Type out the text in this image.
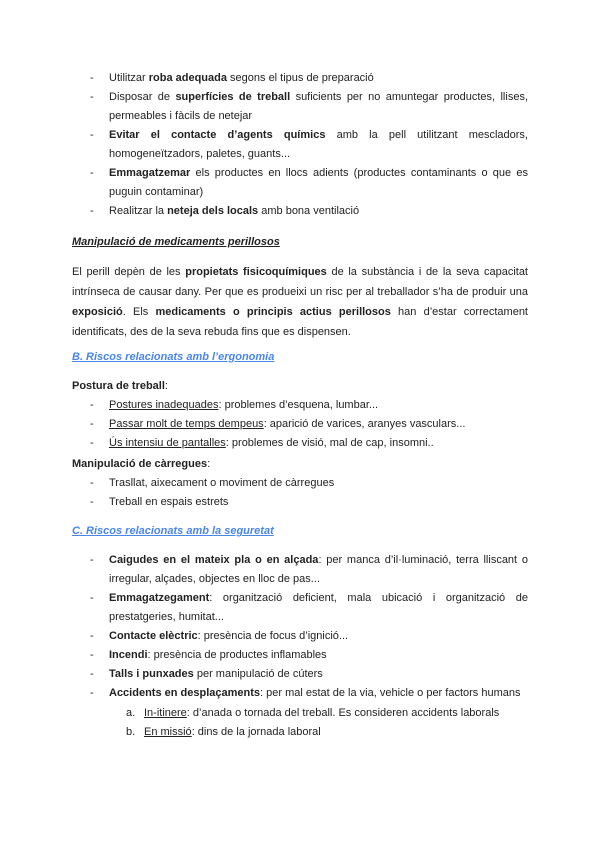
- Utilitzar roba adequada segons el tipus de preparació
- Disposar de superfícies de treball suficients per no amuntegar productes, llises, permeables i fàcils de netejar
- Evitar el contacte d’agents químics amb la pell utilitzant mescladors, homogeneïtzadors, paletes, guants...
- Emmagatzemar els productes en llocs adients (productes contaminants o que es puguin contaminar)
- Realitzar la neteja dels locals amb bona ventilació
Manipulació de medicaments perillosos

El perill depèn de les propietats fisicoquímiques de la substància i de la seva capacitat intrínseca de causar dany. Per que es produeixi un risc per al treballador s’ha de produir una exposició. Els medicaments o principis actius perillosos han d’estar correctament identificats, des de la seva rebuda fins que es dispensen.

B. Riscos relacionats amb l’ergonomia
Postura de treball:
- Postures inadequades: problemes d’esquena, lumbar...
- Passar molt de temps dempeus: aparició de varices, aranyes vasculars...
- Ús intensiu de pantalles: problemes de visió, mal de cap, insomni..
Manipulació de càrregues:
- Trasllat, aixecament o moviment de càrregues
- Treball en espais estrets
C. Riscos relacionats amb la seguretat
- Caigudes en el mateix pla o en alçada: per manca d’il·luminació, terra lliscant o irregular, alçades, objectes en lloc de pas...
- Emmagatzegament: organització deficient, mala ubicació i organització de prestatgeries, humitat...
- Contacte elèctric: presència de focus d’ignició...
- Incendi: presència de productes inflamables
- Talls i punxades per manipulació de cúters
- Accidents en desplaçaments: per mal estat de la via, vehicle o per factors humans
a. In-itinere: d’anada o tornada del treball. Es consideren accidents laborals
b. En missió: dins de la jornada laboral
